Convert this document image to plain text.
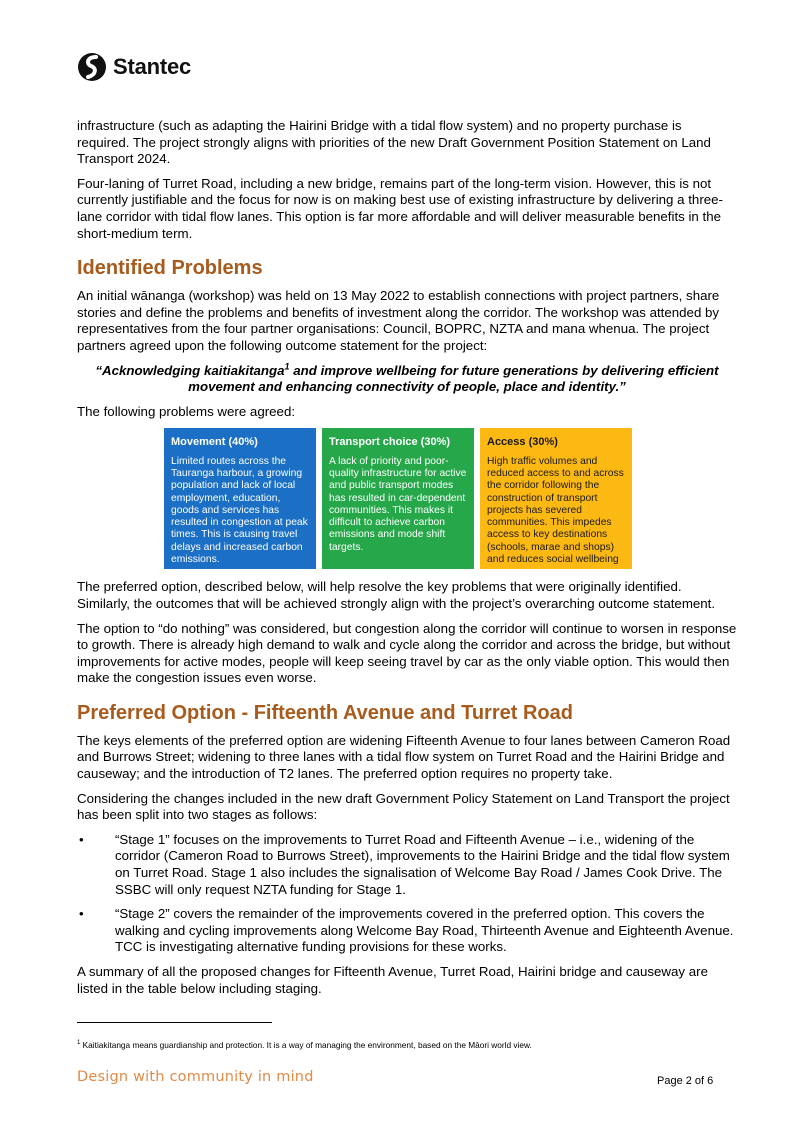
Stantec

infrastructure (such as adapting the Hairini Bridge with a tidal flow system) and no property purchase is required. The project strongly aligns with priorities of the new Draft Government Position Statement on Land Transport 2024.

Four-laning of Turret Road, including a new bridge, remains part of the long-term vision. However, this is not currently justifiable and the focus for now is on making best use of existing infrastructure by delivering a three-lane corridor with tidal flow lanes. This option is far more affordable and will deliver measurable benefits in the short-medium term.

Identified Problems

An initial wānanga (workshop) was held on 13 May 2022 to establish connections with project partners, share stories and define the problems and benefits of investment along the corridor. The workshop was attended by representatives from the four partner organisations: Council, BOPRC, NZTA and mana whenua. The project partners agreed upon the following outcome statement for the project:

“Acknowledging kaitiakitanga$^1$ and improve wellbeing for future generations by delivering efficient movement and enhancing connectivity of people, place and identity.”

The following problems were agreed:

Movement (40%)
Limited routes across the Tauranga harbour, a growing population and lack of local employment, education, goods and services has resulted in congestion at peak times. This is causing travel delays and increased carbon emissions.
Transport choice (30%)
A lack of priority and poor-quality infrastructure for active and public transport modes has resulted in car-dependent communities. This makes it difficult to achieve carbon emissions and mode shift targets.
Access (30%)
High traffic volumes and reduced access to and across the corridor following the construction of transport projects has severed communities. This impedes access to key destinations (schools, marae and shops) and reduces social wellbeing

The preferred option, described below, will help resolve the key problems that were originally identified. Similarly, the outcomes that will be achieved strongly align with the project’s overarching outcome statement.

The option to “do nothing” was considered, but congestion along the corridor will continue to worsen in response to growth. There is already high demand to walk and cycle along the corridor and across the bridge, but without improvements for active modes, people will keep seeing travel by car as the only viable option. This would then make the congestion issues even worse.

Preferred Option - Fifteenth Avenue and Turret Road

The keys elements of the preferred option are widening Fifteenth Avenue to four lanes between Cameron Road and Burrows Street; widening to three lanes with a tidal flow system on Turret Road and the Hairini Bridge and causeway; and the introduction of T2 lanes. The preferred option requires no property take.

Considering the changes included in the new draft Government Policy Statement on Land Transport the project has been split into two stages as follows:

• “Stage 1” focuses on the improvements to Turret Road and Fifteenth Avenue – i.e., widening of the corridor (Cameron Road to Burrows Street), improvements to the Hairini Bridge and the tidal flow system on Turret Road. Stage 1 also includes the signalisation of Welcome Bay Road / James Cook Drive. The SSBC will only request NZTA funding for Stage 1.
• “Stage 2” covers the remainder of the improvements covered in the preferred option. This covers the walking and cycling improvements along Welcome Bay Road, Thirteenth Avenue and Eighteenth Avenue. TCC is investigating alternative funding provisions for these works.

A summary of all the proposed changes for Fifteenth Avenue, Turret Road, Hairini bridge and causeway are listed in the table below including staging.

$^1$ Kaitiakitanga means guardianship and protection. It is a way of managing the environment, based on the Māori world view.
Design with community in mind	Page 2 of 6
